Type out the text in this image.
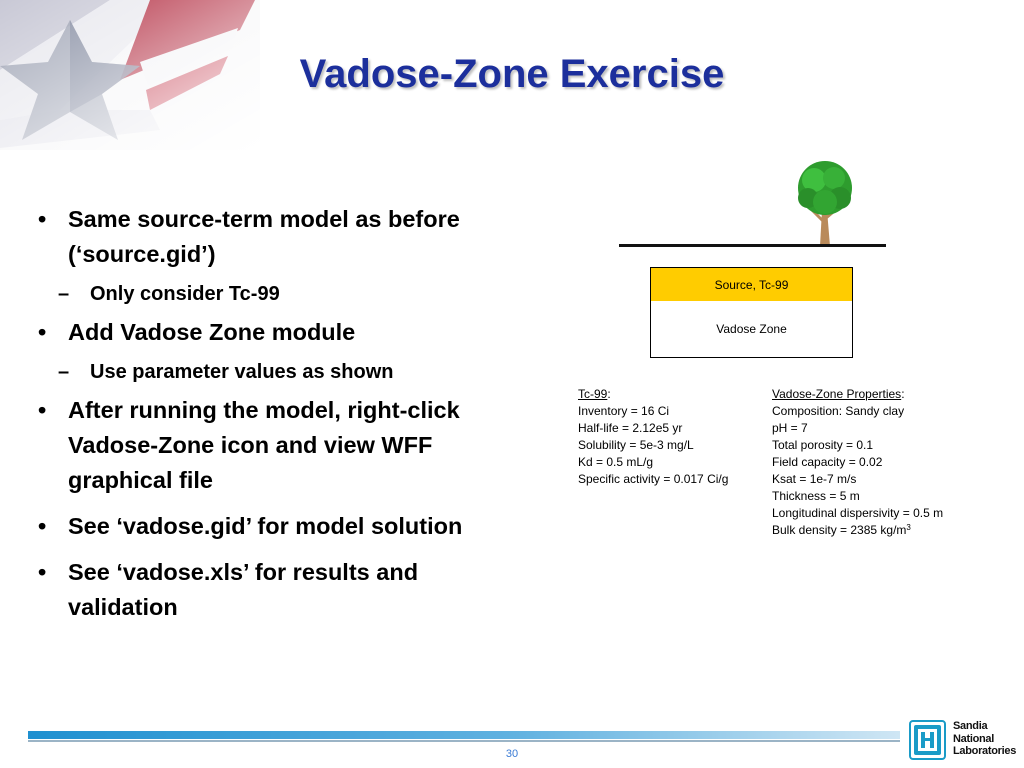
Vadose-Zone Exercise
• Same source-term model as before (‘source.gid’)
– Only consider Tc-99
• Add Vadose Zone module
– Use parameter values as shown
• After running the model, right-click Vadose-Zone icon and view WFF graphical file
• See ‘vadose.gid’ for model solution
• See ‘vadose.xls’ for results and validation
Source, Tc-99
Vadose Zone
Tc-99:
Inventory = 16 Ci
Half-life = 2.12e5 yr
Solubility = 5e-3 mg/L
Kd = 0.5 mL/g
Specific activity = 0.017 Ci/g
Vadose-Zone Properties:
Composition: Sandy clay
pH = 7
Total porosity = 0.1
Field capacity = 0.02
Ksat = 1e-7 m/s
Thickness = 5 m
Longitudinal dispersivity = 0.5 m
Bulk density = 2385 $kg/m^3$
30
Sandia
National
Laboratories
